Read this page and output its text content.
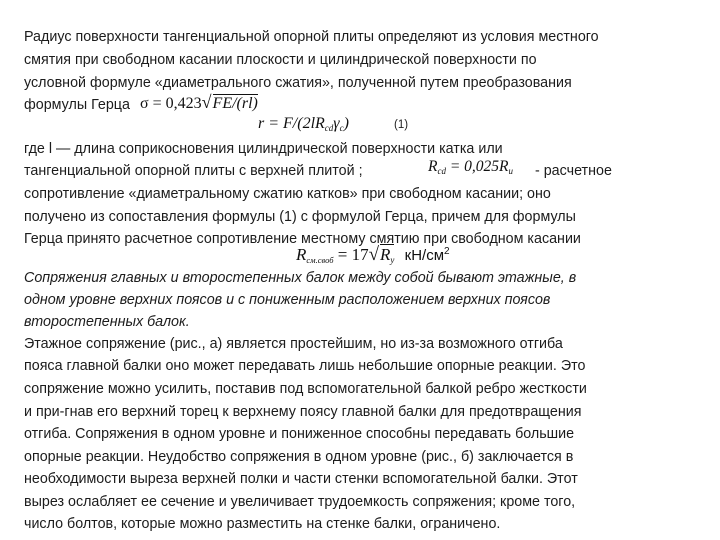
Радиус поверхности тангенциальной опорной плиты определяют из условия местного
смятия при свободном касании плоскости и цилиндрической поверхности по
условной формуле «диаметрального сжатия», полученной путем преобразования
формулы Герца σ = 0,423√FE/(rl)
r = F/(2lRcdγc)	(1)
где l — длина соприкосновения цилиндрической поверхности катка или
тангенциальной опорной плиты с верхней плитой ;	Rcd = 0,025Ru - расчетное
сопротивление «диаметральному сжатию катков» при свободном касании; оно
получено из сопоставления формулы (1) с формулой Герца, причем для формулы
Герца принято расчетное сопротивление местному смятию при свободном касании
Rсм.своб = 17√Ry $кН/см^2$
Сопряжения главных и второстепенных балок между собой бывают этажные, в
одном уровне верхних поясов и с пониженным расположением верхних поясов
второстепенных балок.
Этажное сопряжение (рис., а) является простейшим, но из-за возможного отгиба
пояса главной балки оно может передавать лишь небольшие опорные реакции. Это
сопряжение можно усилить, поставив под вспомогательной балкой ребро жесткости
и при-гнав его верхний торец к верхнему поясу главной балки для предотвращения
отгиба. Сопряжения в одном уровне и пониженное способны передавать большие
опорные реакции. Неудобство сопряжения в одном уровне (рис., б) заключается в
необходимости выреза верхней полки и части стенки вспомогательной балки. Этот
вырез ослабляет ее сечение и увеличивает трудоемкость сопряжения; кроме того,
число болтов, которые можно разместить на стенке балки, ограничено.
